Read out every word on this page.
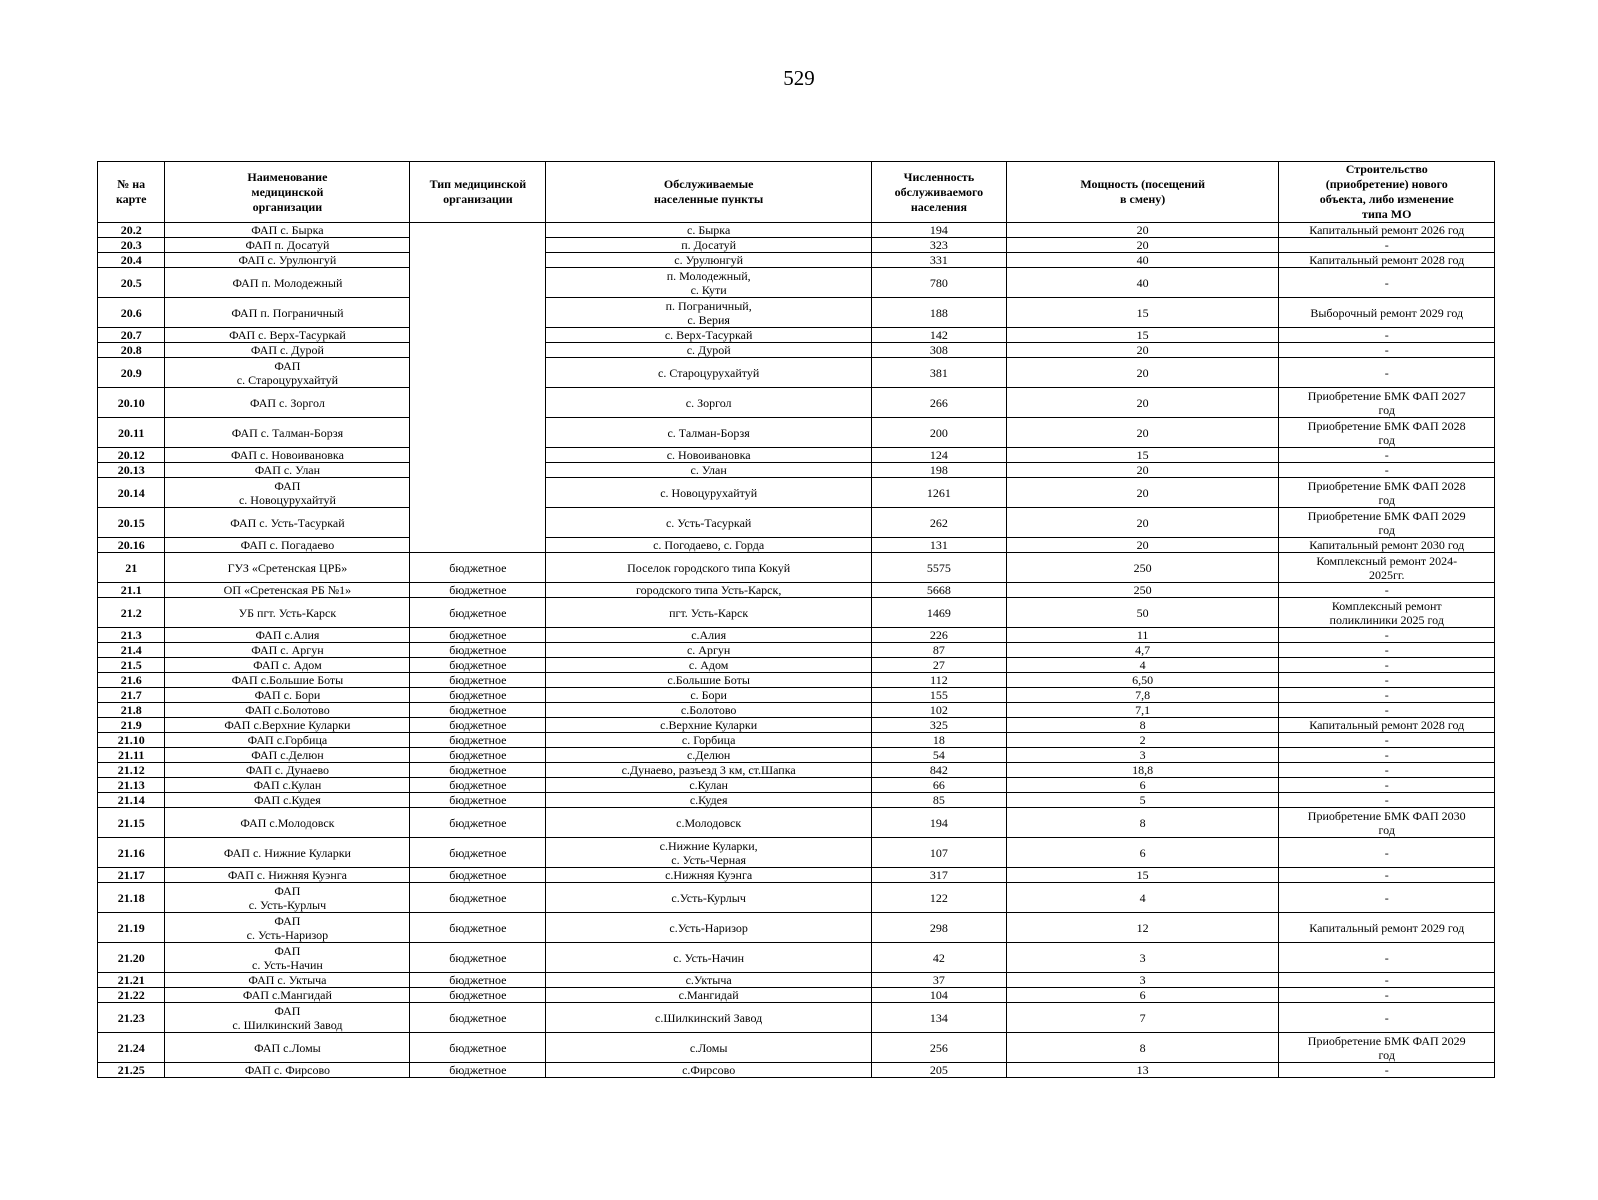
529
№ на
карте	Наименование
медицинской
организации	Тип медицинской
организации	Обслуживаемые
населенные пункты	Численность
обслуживаемого
населения	Мощность (посещений
в смену)	Строительство
(приобретение) нового
объекта, либо изменение
типа МО
20.2	ФАП с. Бырка		с. Бырка	194	20	Капитальный ремонт 2026 год
20.3	ФАП п. Досатуй		п. Досатуй	323	20	-
20.4	ФАП с. Урулюнгуй		с. Урулюнгуй	331	40	Капитальный ремонт 2028 год
20.5	ФАП п. Молодежный		п. Молодежный,
с. Кути	780	40	-
20.6	ФАП п. Пограничный		п. Пограничный,
с. Верия	188	15	Выборочный ремонт 2029 год
20.7	ФАП с. Верх-Тасуркай		с. Верх-Тасуркай	142	15	-
20.8	ФАП с. Дурой		с. Дурой	308	20	-
20.9	ФАП
с. Староцурухайтуй		с. Староцурухайтуй	381	20	-
20.10	ФАП с. Зоргол		с. Зоргол	266	20	Приобретение БМК ФАП 2027
год
20.11	ФАП с. Талман-Борзя		с. Талман-Борзя	200	20	Приобретение БМК ФАП 2028
год
20.12	ФАП с. Новоивановка		с. Новоивановка	124	15	-
20.13	ФАП с. Улан		с. Улан	198	20	-
20.14	ФАП
с. Новоцурухайтуй		с. Новоцурухайтуй	1261	20	Приобретение БМК ФАП 2028
год
20.15	ФАП с. Усть-Тасуркай		с. Усть-Тасуркай	262	20	Приобретение БМК ФАП 2029
год
20.16	ФАП с. Погадаево		с. Погодаево, с. Горда	131	20	Капитальный ремонт 2030 год
21	ГУЗ «Сретенская ЦРБ»	бюджетное	Поселок городского типа Кокуй	5575	250	Комплексный ремонт 2024-
2025гг.
21.1	ОП «Сретенская РБ №1»	бюджетное	городского типа Усть-Карск,	5668	250	-
21.2	УБ пгт. Усть-Карск	бюджетное	пгт. Усть-Карск	1469	50	Комплексный ремонт
поликлиники 2025 год
21.3	ФАП с.Алия	бюджетное	с.Алия	226	11	-
21.4	ФАП с. Аргун	бюджетное	с. Аргун	87	4,7	-
21.5	ФАП с. Адом	бюджетное	с. Адом	27	4	-
21.6	ФАП с.Большие Боты	бюджетное	с.Большие Боты	112	6,50	-
21.7	ФАП с. Бори	бюджетное	с. Бори	155	7,8	-
21.8	ФАП с.Болотово	бюджетное	с.Болотово	102	7,1	-
21.9	ФАП с.Верхние Куларки	бюджетное	с.Верхние Куларки	325	8	Капитальный ремонт 2028 год
21.10	ФАП с.Горбица	бюджетное	с. Горбица	18	2	-
21.11	ФАП с.Делюн	бюджетное	с.Делюн	54	3	-
21.12	ФАП с. Дунаево	бюджетное	с.Дунаево, разъезд 3 км, ст.Шапка	842	18,8	-
21.13	ФАП с.Кулан	бюджетное	с.Кулан	66	6	-
21.14	ФАП с.Кудея	бюджетное	с.Кудея	85	5	-
21.15	ФАП с.Молодовск	бюджетное	с.Молодовск	194	8	Приобретение БМК ФАП 2030
год
21.16	ФАП с. Нижние Куларки	бюджетное	с.Нижние Куларки,
с. Усть-Черная	107	6	-
21.17	ФАП с. Нижняя Куэнга	бюджетное	с.Нижняя Куэнга	317	15	-
21.18	ФАП
с. Усть-Курлыч	бюджетное	с.Усть-Курлыч	122	4	-
21.19	ФАП
с. Усть-Наризор	бюджетное	с.Усть-Наризор	298	12	Капитальный ремонт 2029 год
21.20	ФАП
с. Усть-Начин	бюджетное	с. Усть-Начин	42	3	-
21.21	ФАП с. Уктыча	бюджетное	с.Уктыча	37	3	-
21.22	ФАП с.Мангидай	бюджетное	с.Мангидай	104	6	-
21.23	ФАП
с. Шилкинский Завод	бюджетное	с.Шилкинский Завод	134	7	-
21.24	ФАП с.Ломы	бюджетное	с.Ломы	256	8	Приобретение БМК ФАП 2029
год
21.25	ФАП с. Фирсово	бюджетное	с.Фирсово	205	13	-
